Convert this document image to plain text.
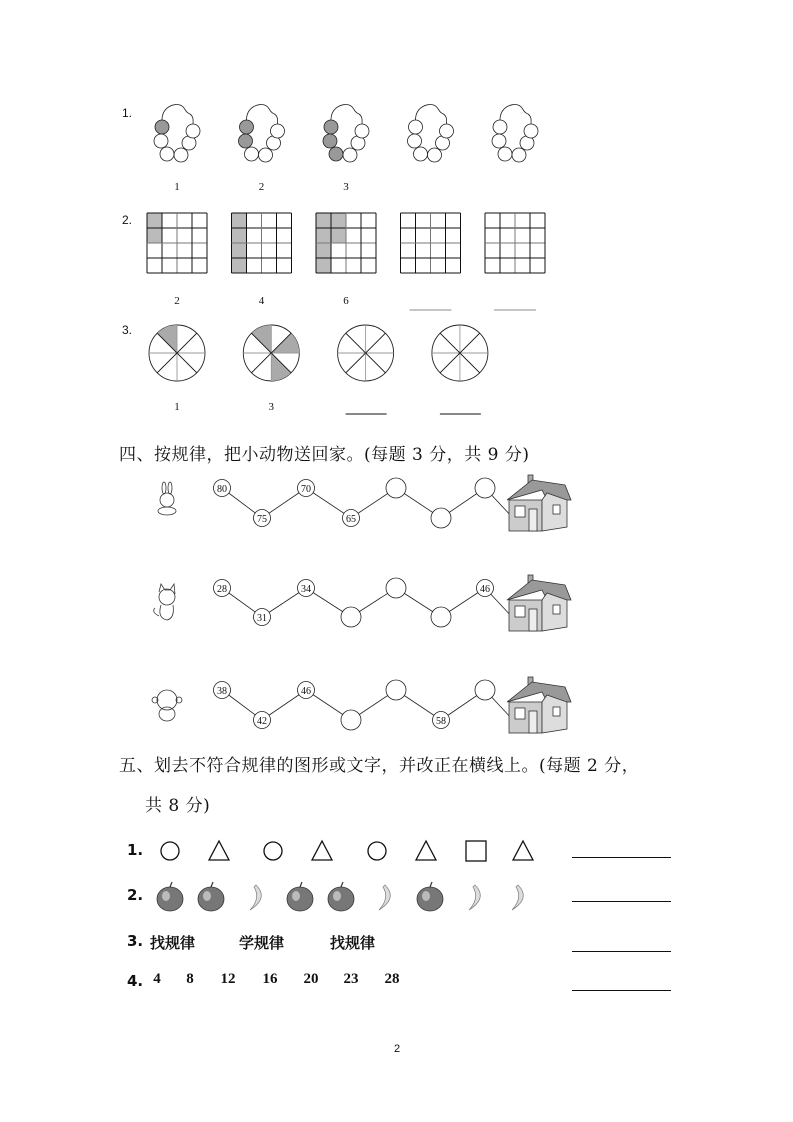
1	2	3
2	4	6
1	3
80
75
70
65
28
31
34	46
38
42
46
58
1.
2.
3.
四、按规律，把小动物送回家。(每题 3 分，共 9 分)
五、划去不符合规律的图形或文字，并改正在横线上。(每题 2 分，
共 8 分)
1.
2.
3.
4.
找规律	学规律	找规律
4	8	12 16 20 23 28
2
